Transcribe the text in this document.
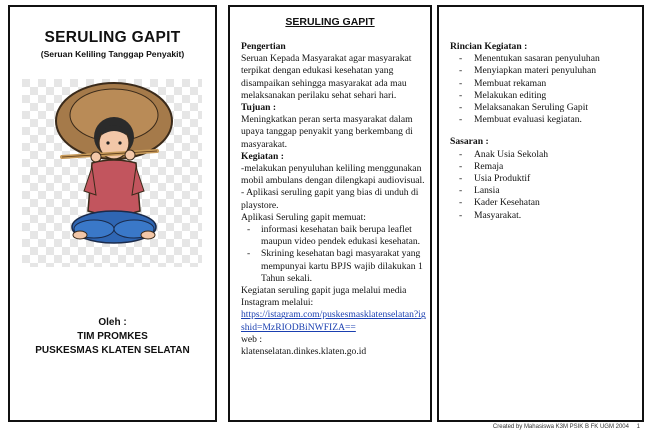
SERULING GAPIT
(Seruan Keliling Tanggap Penyakit)
Oleh :
TIM PROMKES
PUSKESMAS KLATEN SELATAN
SERULING GAPIT

Pengertian

Seruan Kepada Masyarakat agar masyarakat terpikat dengan edukasi kesehatan yang disampaikan sehingga masyarakat ada mau melaksanakan perilaku sehat sehari hari.

Tujuan :

Meningkatkan peran serta masyarakat dalam upaya tanggap penyakit yang berkembang di masyarakat.

Kegiatan :

-melakukan penyuluhan keliling menggunakan mobil ambulans dengan dilengkapi audiovisual.

- Aplikasi seruling gapit yang bias di unduh di playstore.

Aplikasi Seruling gapit memuat:

- informasi kesehatan baik berupa leaflet maupun video pendek edukasi kesehatan.
- Skrining kesehatan bagi masyarakat yang mempunyai kartu BPJS wajib dilakukan 1 Tahun sekali.

Kegiatan seruling gapit juga melalui media Instagram melalui:

https://istagram.com/puskesmasklatenselatan?igshid=MzRIODBiNWFIZA==

web :

klatenselatan.dinkes.klaten.go.id

Rincian Kegiatan :

- Menentukan sasaran penyuluhan
- Menyiapkan materi penyuluhan
- Membuat rekaman
- Melakukan editing
- Melaksanakan Seruling Gapit
- Membuat evaluasi kegiatan.

Sasaran :

- Anak Usia Sekolah
- Remaja
- Usia Produktif
- Lansia
- Kader Kesehatan
- Masyarakat.
Created by Mahasiswa K3M PSIK B FK UGM 2004 1
